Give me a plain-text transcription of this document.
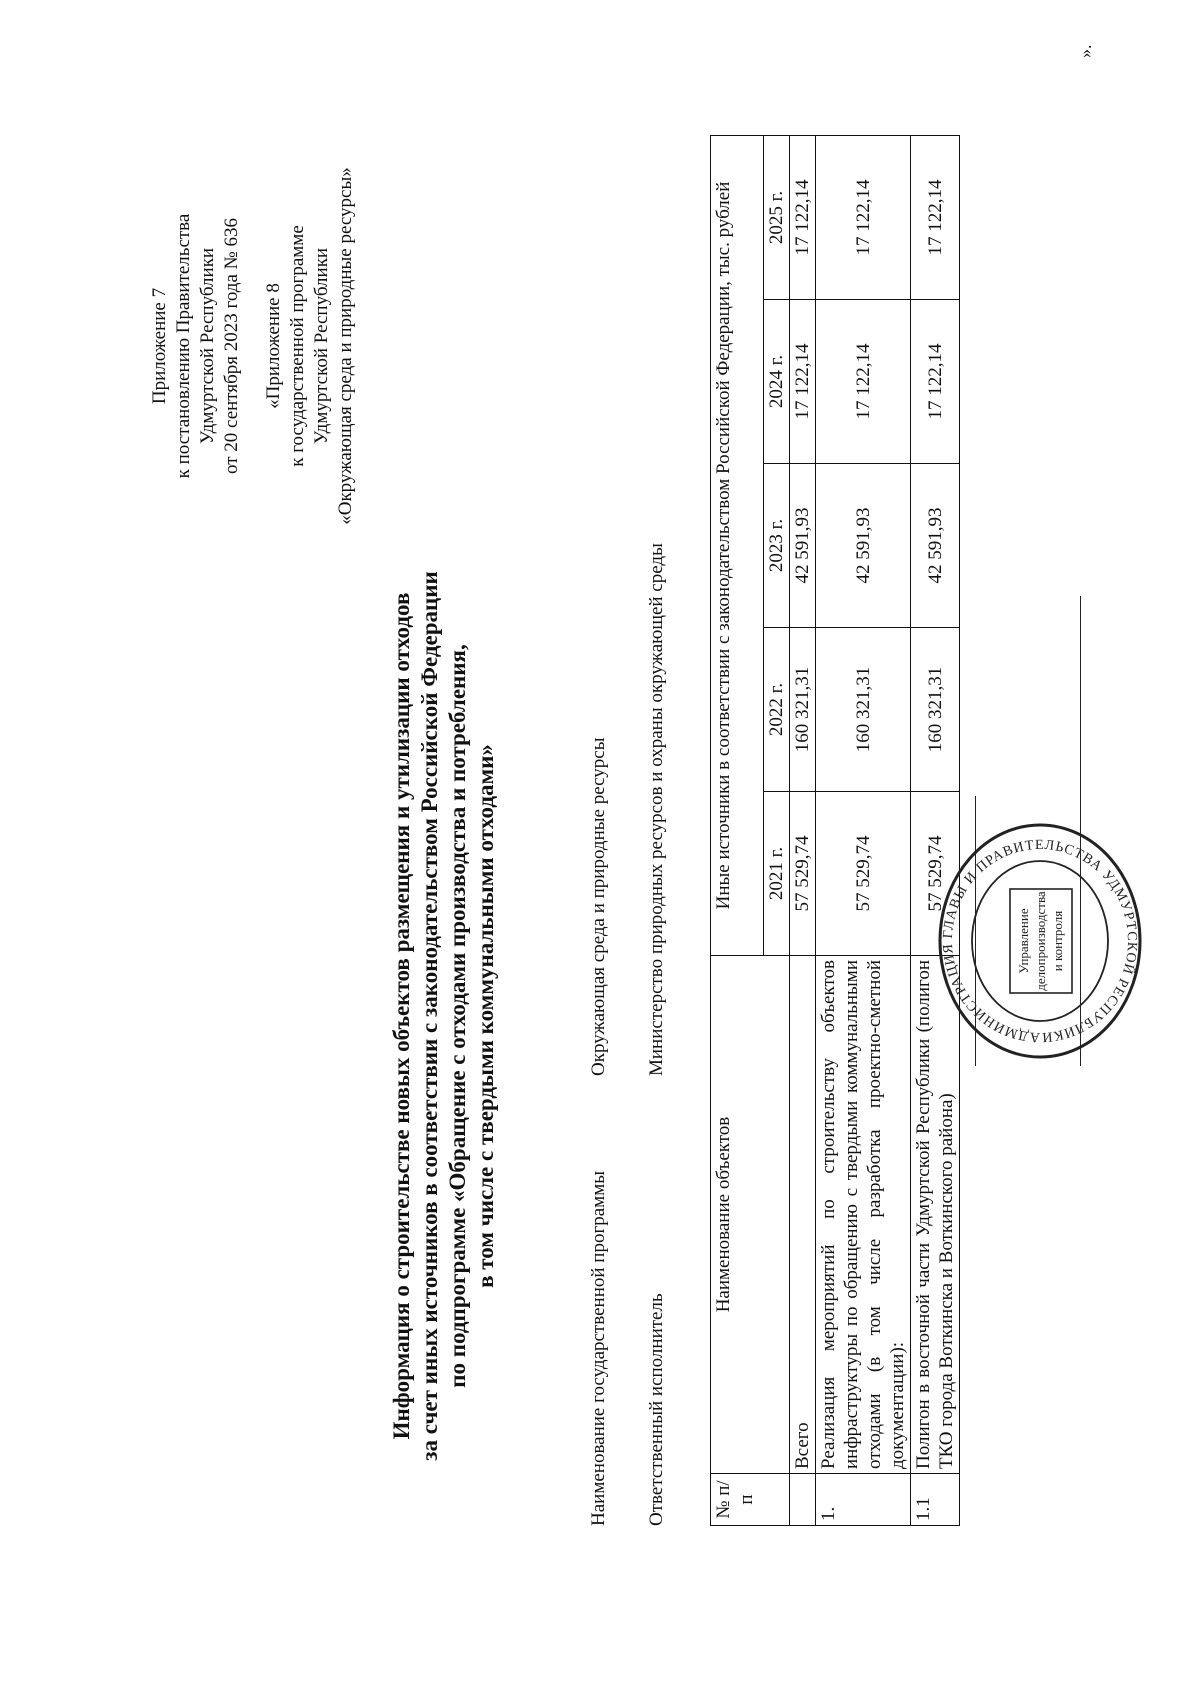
Приложение 7 к постановлению Правительства Удмуртской Республики от 20 сентября 2023 года № 636 «Приложение 8 к государственной программе Удмуртской Республики «Окружающая среда и природные ресурсы»
Информация о строительстве новых объектов размещения и утилизации отходов за счет иных источников в соответствии с законодательством Российской Федерации по подпрограмме «Обращение с отходами производства и потребления, в том числе с твердыми коммунальными отходами»
Наименование государственной программы
Окружающая среда и природные ресурсы
Ответственный исполнитель
Министерство природных ресурсов и охраны окружающей среды
№ п/п	Наименование объектов	Иные источники в соответствии с законодательством Российской Федерации, тыс. рублей				
		2021 г.	2022 г.	2023 г.	2024 г.	2025 г.
	Всего	57 529,74	160 321,31	42 591,93	17 122,14	17 122,14
1.	Реализация мероприятий по строительству объектов инфраструктуры по обращению с твердыми коммунальными отходами (в том числе разработка проектно-сметной документации):	57 529,74	160 321,31	42 591,93	17 122,14	17 122,14
1.1	Полигон в восточной части Удмуртской Республики (полигон ТКО города Воткинска и Воткинского района)	57 529,74	160 321,31	42 591,93	17 122,14	17 122,14
».
АДМИНИСТРАЦИЯ ГЛАВЫ И ПРАВИТЕЛЬСТВА УДМУРТСКОЙ РЕСПУБЛИКИ
Управление делопроизводства и контроля
